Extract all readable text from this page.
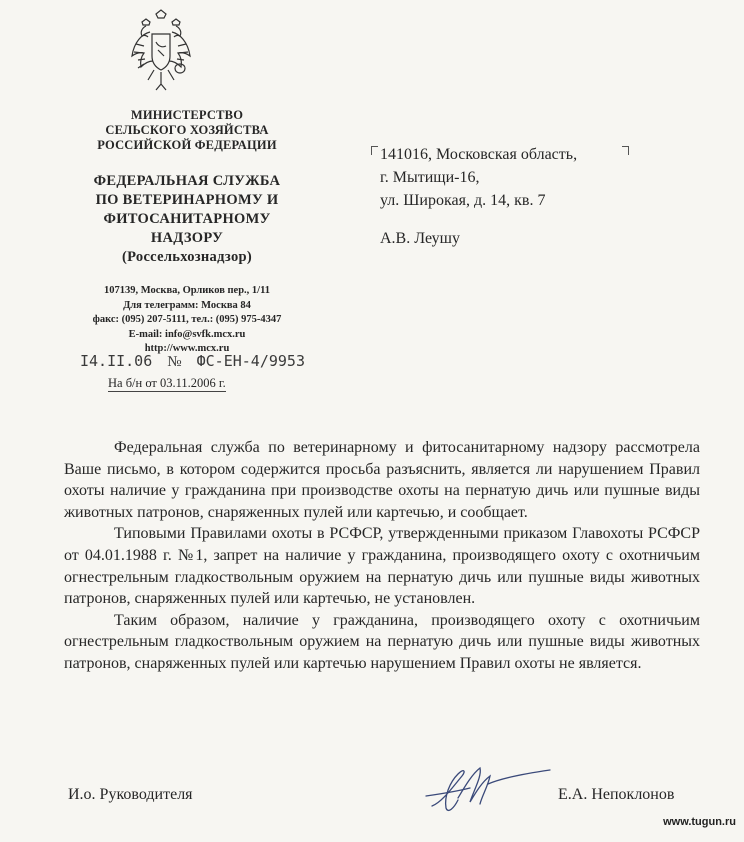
МИНИСТЕРСТВО
СЕЛЬСКОГО ХОЗЯЙСТВА
РОССИЙСКОЙ ФЕДЕРАЦИИ
ФЕДЕРАЛЬНАЯ СЛУЖБА
ПО ВЕТЕРИНАРНОМУ И
ФИТОСАНИТАРНОМУ
НАДЗОРУ
(Россельхознадзор)
107139, Москва, Орликов пер., 1/11
Для телеграмм: Москва 84
факс: (095) 207-5111, тел.: (095) 975-4347
E-mail: info@svfk.mcx.ru
http://www.mcx.ru
I4.II.06 № ФС-ЕН-4/9953
На б/н от 03.11.2006 г.
141016, Московская область,
г. Мытищи-16,
ул. Широкая, д. 14, кв. 7
А.В. Леушу

Федеральная служба по ветеринарному и фитосанитарному надзору рассмотрела Ваше письмо, в котором содержится просьба разъяснить, является ли нарушением Правил охоты наличие у гражданина при производстве охоты на пернатую дичь или пушные виды животных патронов, снаряженных пулей или картечью, и сообщает.

Типовыми Правилами охоты в РСФСР, утвержденными приказом Главохоты РСФСР от 04.01.1988 г. №1, запрет на наличие у гражданина, производящего охоту с охотничьим огнестрельным гладкоствольным оружием на пернатую дичь или пушные виды животных патронов, снаряженных пулей или картечью, не установлен.

Таким образом, наличие у гражданина, производящего охоту с охотничьим огнестрельным гладкоствольным оружием на пернатую дичь или пушные виды животных патронов, снаряженных пулей или картечью нарушением Правил охоты не является.

И.о. Руководителя	Е.А. Непоклонов
www.tugun.ru
